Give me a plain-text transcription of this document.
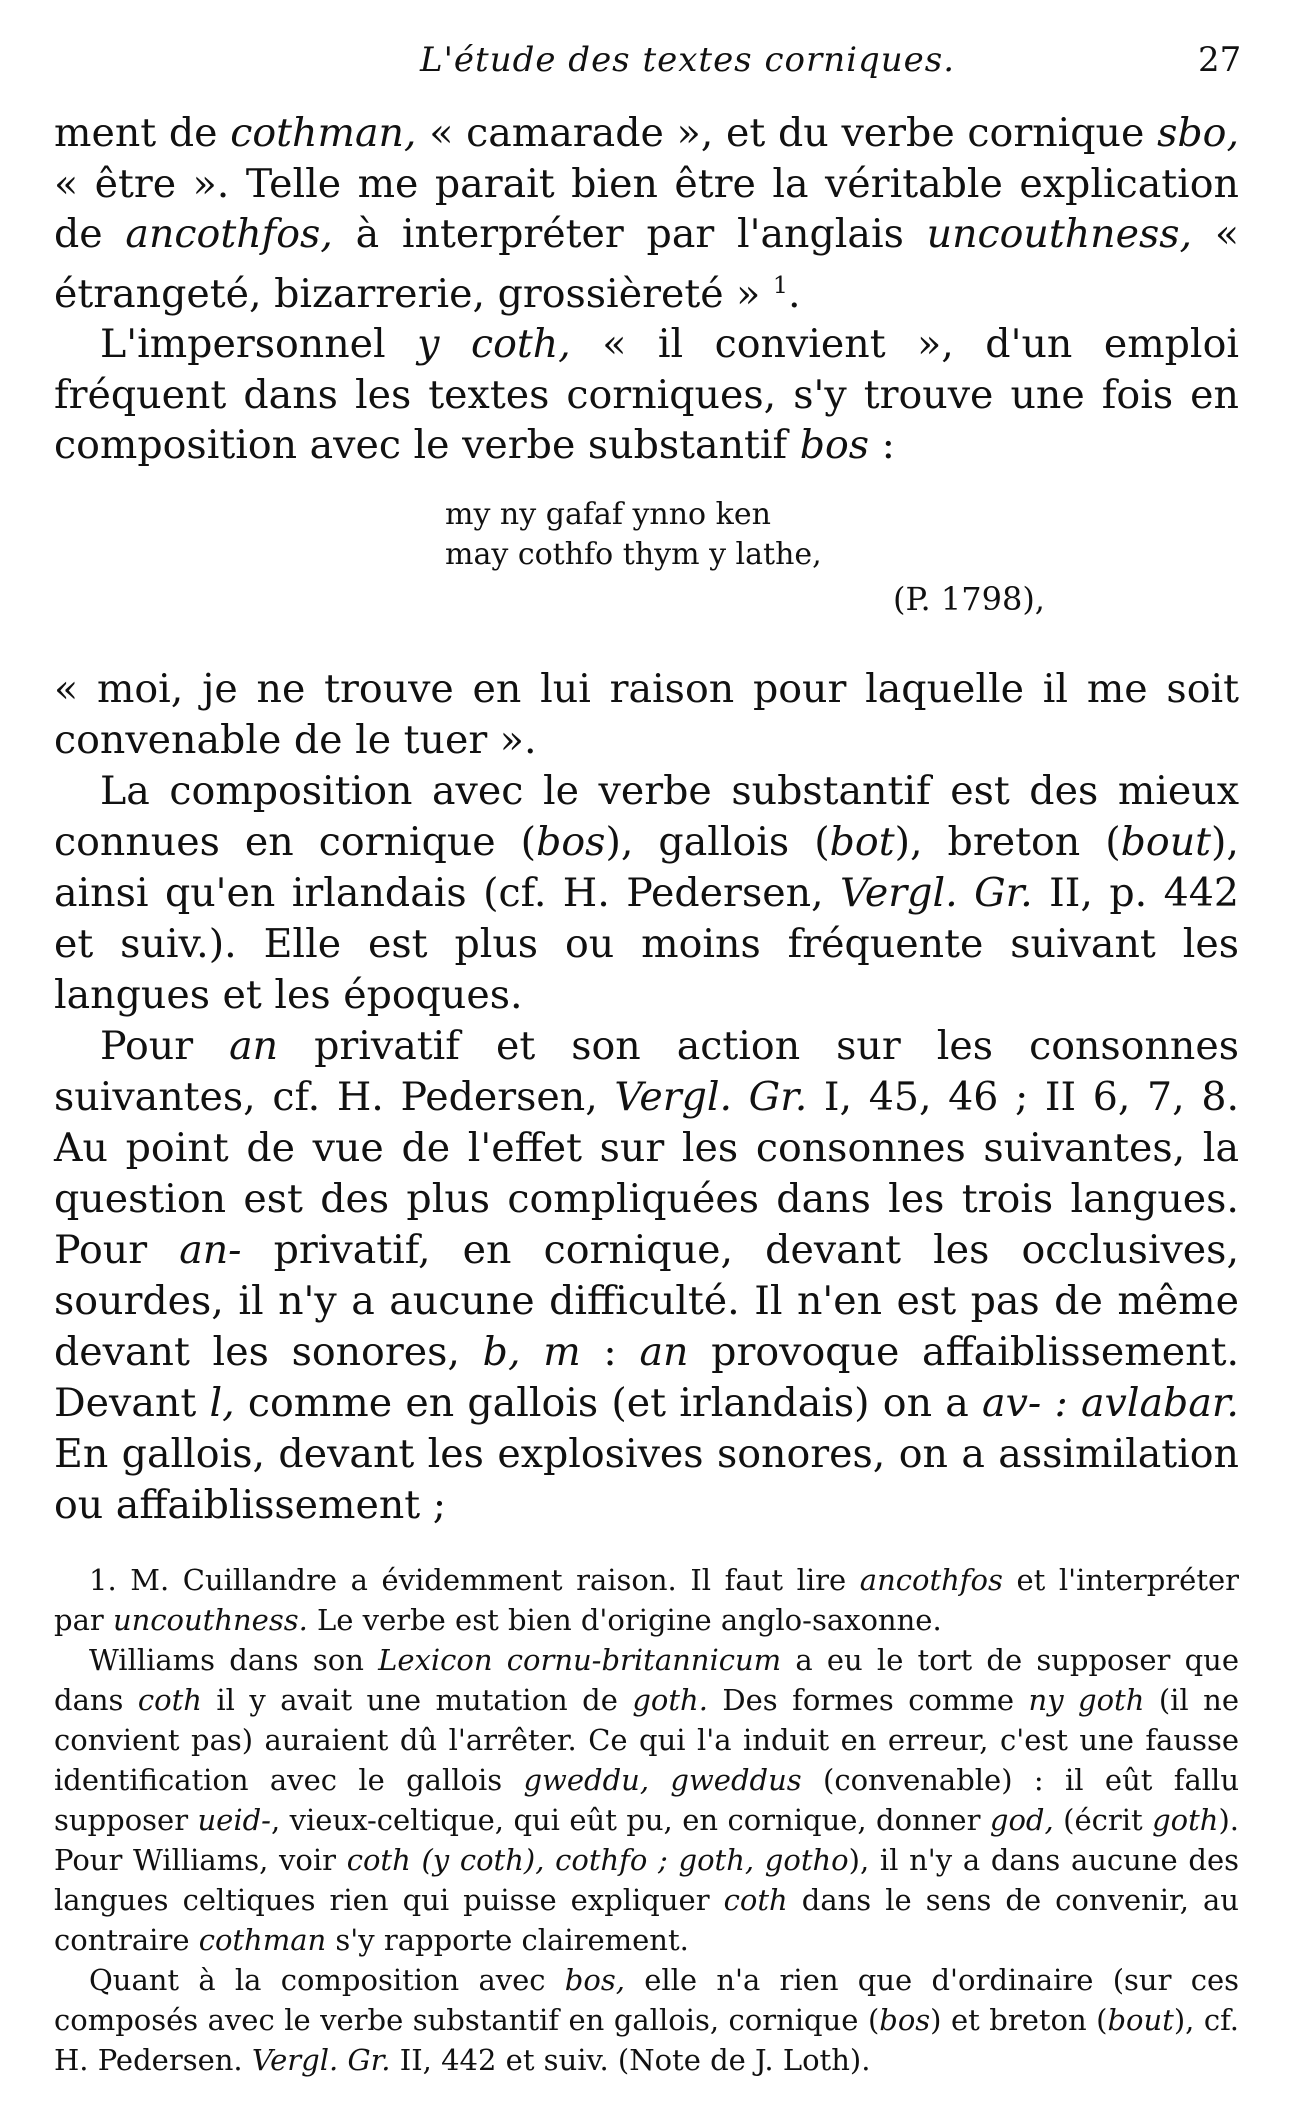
L'étude des textes corniques.	27

ment de cothman, « camarade », et du verbe cornique sbo, « être ». Telle me parait bien être la véritable explication de ancothfos, à interpréter par l'anglais uncouthness, « étrangeté, bizarrerie, grossièreté » $^1$.

L'impersonnel y coth, « il convient », d'un emploi fréquent dans les textes corniques, s'y trouve une fois en composition avec le verbe substantif bos :

my ny gafaf ynno ken
may cothfo thym y lathe,
(P. 1798),

« moi, je ne trouve en lui raison pour laquelle il me soit convenable de le tuer ».

La composition avec le verbe substantif est des mieux connues en cornique (bos), gallois (bot), breton (bout), ainsi qu'en irlandais (cf. H. Pedersen, Vergl. Gr. II, p. 442 et suiv.). Elle est plus ou moins fréquente suivant les langues et les époques.

Pour an privatif et son action sur les consonnes suivantes, cf. H. Pedersen, Vergl. Gr. I, 45, 46 ; II 6, 7, 8. Au point de vue de l'effet sur les consonnes suivantes, la question est des plus compliquées dans les trois langues. Pour an- privatif, en cornique, devant les occlusives, sourdes, il n'y a aucune difficulté. Il n'en est pas de même devant les sonores, b, m : an provoque affaiblissement. Devant l, comme en gallois (et irlandais) on a av- : avlabar. En gallois, devant les explosives sonores, on a assimilation ou affaiblissement ;

1. M. Cuillandre a évidemment raison. Il faut lire ancothfos et l'interpréter par uncouthness. Le verbe est bien d'origine anglo-saxonne.

Williams dans son Lexicon cornu-britannicum a eu le tort de supposer que dans coth il y avait une mutation de goth. Des formes comme ny goth (il ne convient pas) auraient dû l'arrêter. Ce qui l'a induit en erreur, c'est une fausse identification avec le gallois gweddu, gweddus (convenable) : il eût fallu supposer ueid-, vieux-celtique, qui eût pu, en cornique, donner god, (écrit goth). Pour Williams, voir coth (y coth), cothfo ; goth, gotho), il n'y a dans aucune des langues celtiques rien qui puisse expliquer coth dans le sens de convenir, au contraire cothman s'y rapporte clairement.

Quant à la composition avec bos, elle n'a rien que d'ordinaire (sur ces composés avec le verbe substantif en gallois, cornique (bos) et breton (bout), cf. H. Pedersen. Vergl. Gr. II, 442 et suiv. (Note de J. Loth).
